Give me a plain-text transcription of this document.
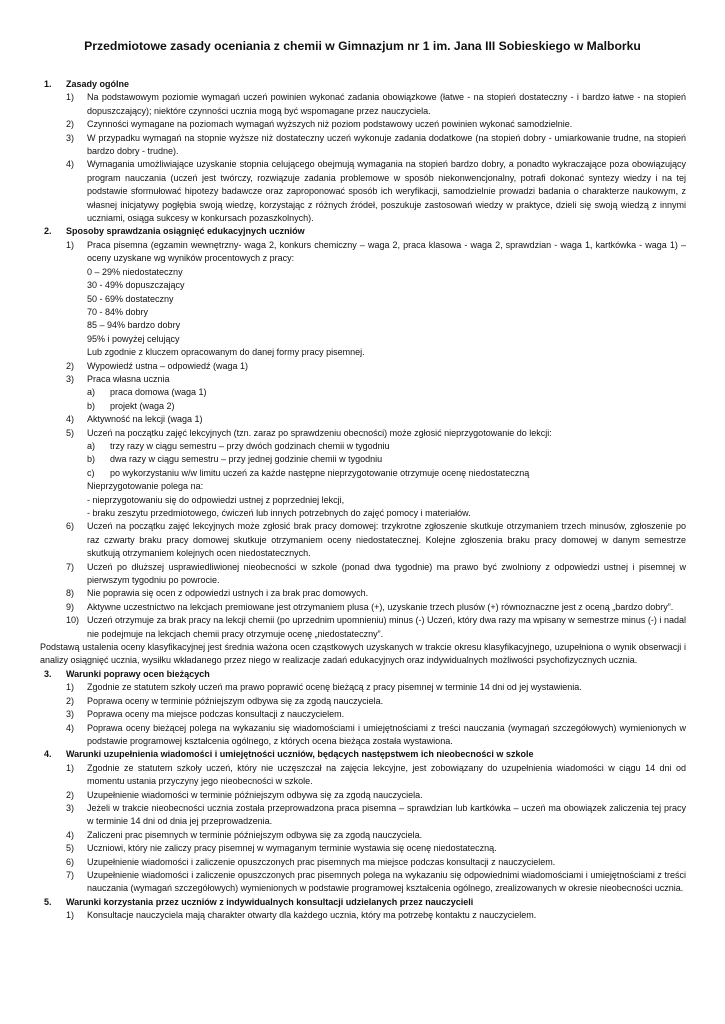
Przedmiotowe zasady oceniania z chemii w Gimnazjum nr 1 im. Jana III Sobieskiego w Malborku
1. Zasady ogólne
1) Na podstawowym poziomie wymagań uczeń powinien wykonać zadania obowiązkowe (łatwe - na stopień dostateczny - i bardzo łatwe - na stopień dopuszczający); niektóre czynności ucznia mogą być wspomagane przez nauczyciela.
2) Czynności wymagane na poziomach wymagań wyższych niż poziom podstawowy uczeń powinien wykonać samodzielnie.
3) W przypadku wymagań na stopnie wyższe niż dostateczny uczeń wykonuje zadania dodatkowe (na stopień dobry - umiarkowanie trudne, na stopień bardzo dobry - trudne).
4) Wymagania umożliwiające uzyskanie stopnia celującego obejmują wymagania na stopień bardzo dobry, a ponadto wykraczające poza obowiązujący program nauczania (uczeń jest twórczy, rozwiązuje zadania problemowe w sposób niekonwencjonalny, potrafi dokonać syntezy wiedzy i na tej podstawie sformułować hipotezy badawcze oraz zaproponować sposób ich weryfikacji, samodzielnie prowadzi badania o charakterze naukowym, z własnej inicjatywy pogłębia swoją wiedzę, korzystając z różnych źródeł, poszukuje zastosowań wiedzy w praktyce, dzieli się swoją wiedzą z innymi uczniami, osiąga sukcesy w konkursach pozaszkolnych).
2. Sposoby sprawdzania osiągnięć edukacyjnych uczniów
1) Praca pisemna (egzamin wewnętrzny- waga 2, konkurs chemiczny – waga 2, praca klasowa - waga 2, sprawdzian - waga 1, kartkówka - waga 1) – oceny uzyskane wg wyników procentowych z pracy:
0 – 29% niedostateczny
30 - 49% dopuszczający
50 - 69% dostateczny
70 - 84% dobry
85 – 94% bardzo dobry
95% i powyżej celujący
Lub zgodnie z kluczem opracowanym do danej formy pracy pisemnej.
2) Wypowiedź ustna – odpowiedź (waga 1)
3) Praca własna ucznia
a) praca domowa (waga 1)
b) projekt (waga 2)
4) Aktywność na lekcji (waga 1)
5) Uczeń na początku zajęć lekcyjnych (tzn. zaraz po sprawdzeniu obecności) może zgłosić nieprzygotowanie do lekcji:
a) trzy razy w ciągu semestru – przy dwóch godzinach chemii w tygodniu
b) dwa razy w ciągu semestru – przy jednej godzinie chemii w tygodniu
c) po wykorzystaniu w/w limitu uczeń za każde następne nieprzygotowanie otrzymuje ocenę niedostateczną
Nieprzygotowanie polega na:
- nieprzygotowaniu się do odpowiedzi ustnej z poprzedniej lekcji,
- braku zeszytu przedmiotowego, ćwiczeń lub innych potrzebnych do zajęć pomocy i materiałów.
6) Uczeń na początku zajęć lekcyjnych może zgłosić brak pracy domowej: trzykrotne zgłoszenie skutkuje otrzymaniem trzech minusów, zgłoszenie po raz czwarty braku pracy domowej skutkuje otrzymaniem oceny niedostatecznej. Kolejne zgłoszenia braku pracy domowej w danym semestrze skutkują otrzymaniem kolejnych ocen niedostatecznych.
7) Uczeń po dłuższej usprawiedliwionej nieobecności w szkole (ponad dwa tygodnie) ma prawo być zwolniony z odpowiedzi ustnej i pisemnej w pierwszym tygodniu po powrocie.
8) Nie poprawia się ocen z odpowiedzi ustnych i za brak prac domowych.
9) Aktywne uczestnictwo na lekcjach premiowane jest otrzymaniem plusa (+), uzyskanie trzech plusów (+) równoznaczne jest z oceną „bardzo dobry”.
10) Uczeń otrzymuje za brak pracy na lekcji chemii (po uprzednim upomnieniu) minus (-) Uczeń, który dwa razy ma wpisany w semestrze minus (-) i nadal nie podejmuje na lekcjach chemii pracy otrzymuje ocenę „niedostateczny”.
Podstawą ustalenia oceny klasyfikacyjnej jest średnia ważona ocen cząstkowych uzyskanych w trakcie okresu klasyfikacyjnego, uzupełniona o wynik obserwacji i analizy osiągnięć ucznia, wysiłku wkładanego przez niego w realizacje zadań edukacyjnych oraz indywidualnych możliwości psychofizycznych ucznia.
3. Warunki poprawy ocen bieżących
1) Zgodnie ze statutem szkoły uczeń ma prawo poprawić ocenę bieżącą z pracy pisemnej w terminie 14 dni od jej wystawienia.
2) Poprawa oceny w terminie późniejszym odbywa się za zgodą nauczyciela.
3) Poprawa oceny ma miejsce podczas konsultacji z nauczycielem.
4) Poprawa oceny bieżącej polega na wykazaniu się wiadomościami i umiejętnościami z treści nauczania (wymagań szczegółowych) wymienionych w podstawie programowej kształcenia ogólnego, z których ocena bieżąca została wystawiona.
4. Warunki uzupełnienia wiadomości i umiejętności uczniów, będących następstwem ich nieobecności w szkole
1) Zgodnie ze statutem szkoły uczeń, który nie uczęszczał na zajęcia lekcyjne, jest zobowiązany do uzupełnienia wiadomości w ciągu 14 dni od momentu ustania przyczyny jego nieobecności w szkole.
2) Uzupełnienie wiadomości w terminie późniejszym odbywa się za zgodą nauczyciela.
3) Jeżeli w trakcie nieobecności ucznia została przeprowadzona praca pisemna – sprawdzian lub kartkówka – uczeń ma obowiązek zaliczenia tej pracy w terminie 14 dni od dnia jej przeprowadzenia.
4) Zaliczeni prac pisemnych w terminie późniejszym odbywa się za zgodą nauczyciela.
5) Uczniowi, który nie zaliczy pracy pisemnej w wymaganym terminie wystawia się ocenę niedostateczną.
6) Uzupełnienie wiadomości i zaliczenie opuszczonych prac pisemnych ma miejsce podczas konsultacji z nauczycielem.
7) Uzupełnienie wiadomości i zaliczenie opuszczonych prac pisemnych polega na wykazaniu się odpowiednimi wiadomościami i umiejętnościami z treści nauczania (wymagań szczegółowych) wymienionych w podstawie programowej kształcenia ogólnego, zrealizowanych w okresie nieobecności ucznia.
5. Warunki korzystania przez uczniów z indywidualnych konsultacji udzielanych przez nauczycieli
1) Konsultacje nauczyciela mają charakter otwarty dla każdego ucznia, który ma potrzebę kontaktu z nauczycielem.
